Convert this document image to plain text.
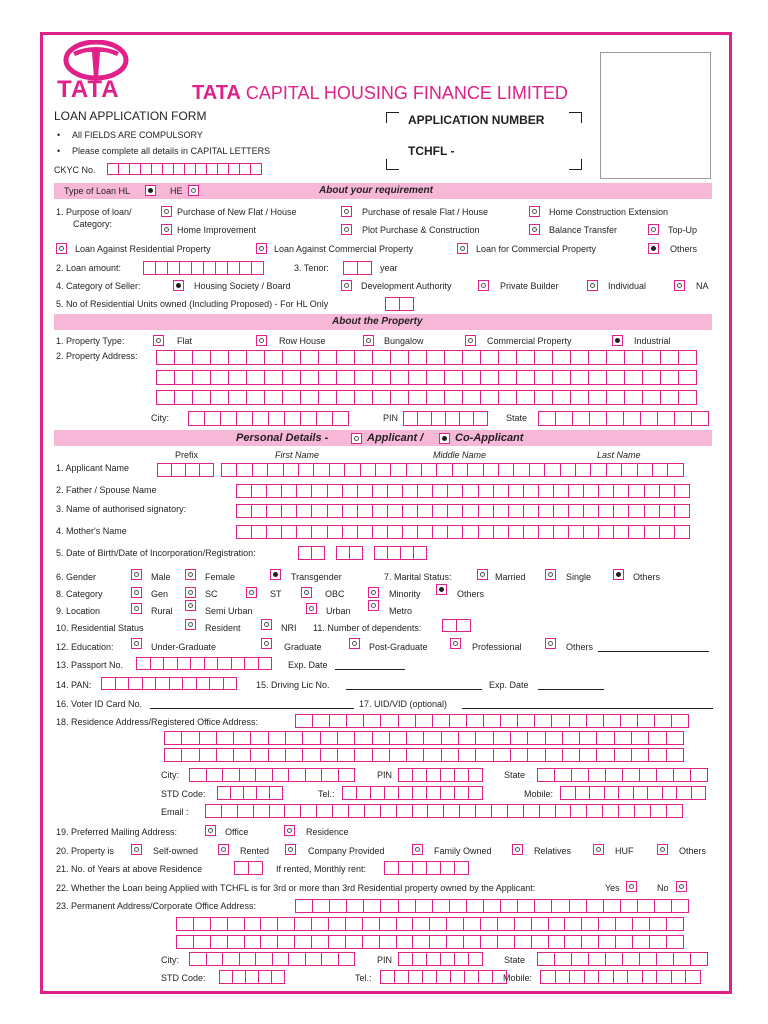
TATA	TATA CAPITAL HOUSING FINANCE LIMITED
LOAN APPLICATION FORM
• All FIELDS ARE COMPULSORY
• Please complete all details in CAPITAL LETTERS
CKYC No.
APPLICATION NUMBER
TCHFL -
Type of Loan HL	HE	About your requirement
1. Purpose of loan/
Category:
Purchase of New Flat / House	Purchase of resale Flat / House	Home Construction Extension
Home Improvement	Plot Purchase & Construction	Balance Transfer	Top-Up
Loan Against Residential Property	Loan Against Commercial Property	Loan for Commercial Property	Others
2. Loan amount:	3. Tenor:	year
4. Category of Seller:	Housing Society / Board	Development Authority	Private Builder	Individual	NA
5. No of Residential Units owned (Including Proposed) - For HL Only
About the Property
1. Property Type:	Flat	Row House	Bungalow	Commercial Property	Industrial
2. Property Address:
City:	PIN	State
Personal Details -	Applicant /	Co-Applicant
Prefix	First Name	Middle Name	Last Name
1. Applicant Name
2. Father / Spouse Name
3. Name of authorised signatory:
4. Mother's Name
5. Date of Birth/Date of Incorporation/Registration:
6. Gender	Male	Female	Transgender	7. Marital Status:	Married	Single	Others
8. Category	Gen	SC	ST	OBC	Minority	Others
9. Location	Rural	Semi Urban	Urban	Metro
10. Residential Status	Resident	NRI 11. Number of dependents:
12. Education:	Under-Graduate	Graduate	Post-Graduate	Professional	Others
13. Passport No.	Exp. Date
14. PAN:	15. Driving Lic No.	Exp. Date
16. Voter ID Card No.	17. UID/VID (optional)
18. Residence Address/Registered Office Address:
City:	PIN	State
STD Code:	Tel.:	Mobile:
Email :
19. Preferred Mailing Address:	Office	Residence
20. Property is	Self-owned	Rented	Company Provided	Family Owned	Relatives	HUF	Others
21. No. of Years at above Residence	If rented, Monthly rent:
22. Whether the Loan being Applied with TCHFL is for 3rd or more than 3rd Residential property owned by the Applicant:	Yes	No
23. Permanent Address/Corporate Office Address:
City:	PIN	State
STD Code:	Tel.:	Mobile:
